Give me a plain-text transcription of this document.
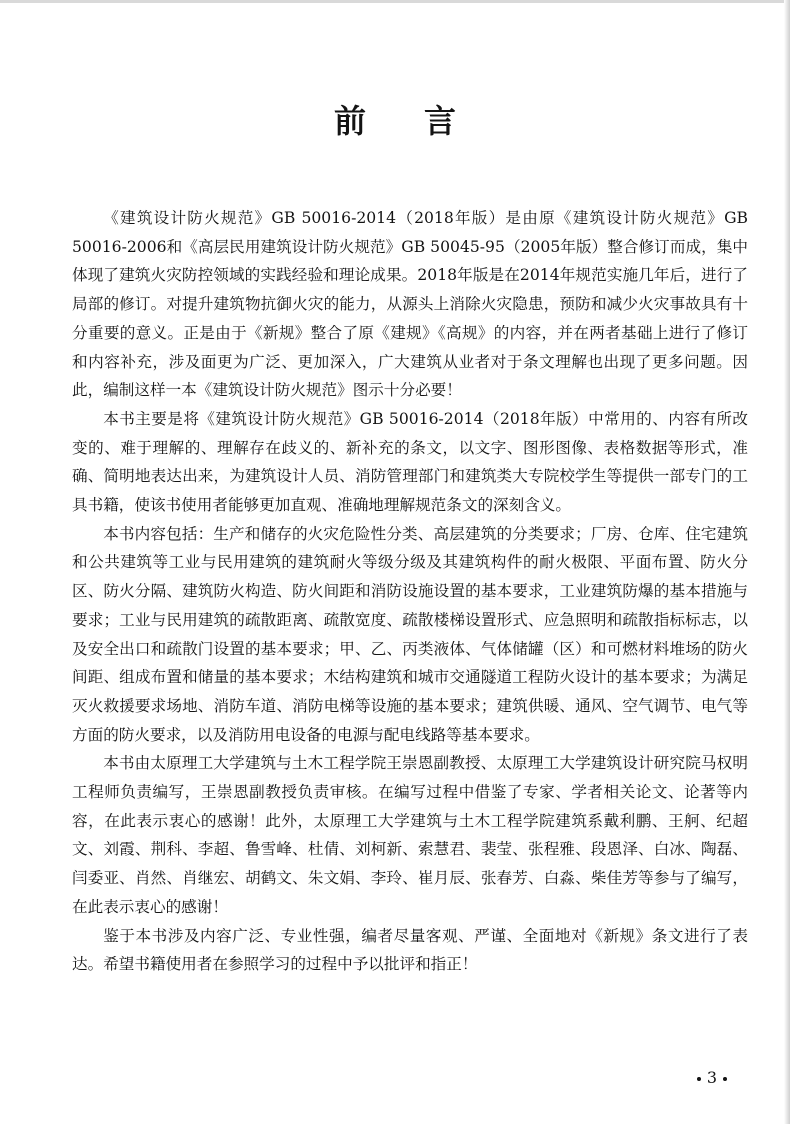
前言

《建筑设计防火规范》GB 50016-2014（2018年版）是由原《建筑设计防火规范》GB 50016-2006和《高层民用建筑设计防火规范》GB 50045-95（2005年版）整合修订而成，集中体现了建筑火灾防控领域的实践经验和理论成果。2018年版是在2014年规范实施几年后，进行了局部的修订。对提升建筑物抗御火灾的能力，从源头上消除火灾隐患，预防和减少火灾事故具有十分重要的意义。正是由于《新规》整合了原《建规》《高规》的内容，并在两者基础上进行了修订和内容补充，涉及面更为广泛、更加深入，广大建筑从业者对于条文理解也出现了更多问题。因此，编制这样一本《建筑设计防火规范》图示十分必要！

本书主要是将《建筑设计防火规范》GB 50016-2014（2018年版）中常用的、内容有所改变的、难于理解的、理解存在歧义的、新补充的条文，以文字、图形图像、表格数据等形式，准确、简明地表达出来，为建筑设计人员、消防管理部门和建筑类大专院校学生等提供一部专门的工具书籍，使该书使用者能够更加直观、准确地理解规范条文的深刻含义。

本书内容包括：生产和储存的火灾危险性分类、高层建筑的分类要求；厂房、仓库、住宅建筑和公共建筑等工业与民用建筑的建筑耐火等级分级及其建筑构件的耐火极限、平面布置、防火分区、防火分隔、建筑防火构造、防火间距和消防设施设置的基本要求，工业建筑防爆的基本措施与要求；工业与民用建筑的疏散距离、疏散宽度、疏散楼梯设置形式、应急照明和疏散指标标志，以及安全出口和疏散门设置的基本要求；甲、乙、丙类液体、气体储罐（区）和可燃材料堆场的防火间距、组成布置和储量的基本要求；木结构建筑和城市交通隧道工程防火设计的基本要求；为满足灭火救援要求场地、消防车道、消防电梯等设施的基本要求；建筑供暖、通风、空气调节、电气等方面的防火要求，以及消防用电设备的电源与配电线路等基本要求。

本书由太原理工大学建筑与土木工程学院王崇恩副教授、太原理工大学建筑设计研究院马权明工程师负责编写，王崇恩副教授负责审核。在编写过程中借鉴了专家、学者相关论文、论著等内容，在此表示衷心的感谢！此外，太原理工大学建筑与土木工程学院建筑系戴利鹏、王舸、纪超文、刘霞、荆科、李超、鲁雪峰、杜倩、刘柯新、索慧君、裴莹、张程雅、段恩泽、白冰、陶磊、闫委亚、肖然、肖继宏、胡鹤文、朱文娟、李玲、崔月辰、张春芳、白淼、柴佳芳等参与了编写，在此表示衷心的感谢！

鉴于本书涉及内容广泛、专业性强，编者尽量客观、严谨、全面地对《新规》条文进行了表达。希望书籍使用者在参照学习的过程中予以批评和指正！

3
